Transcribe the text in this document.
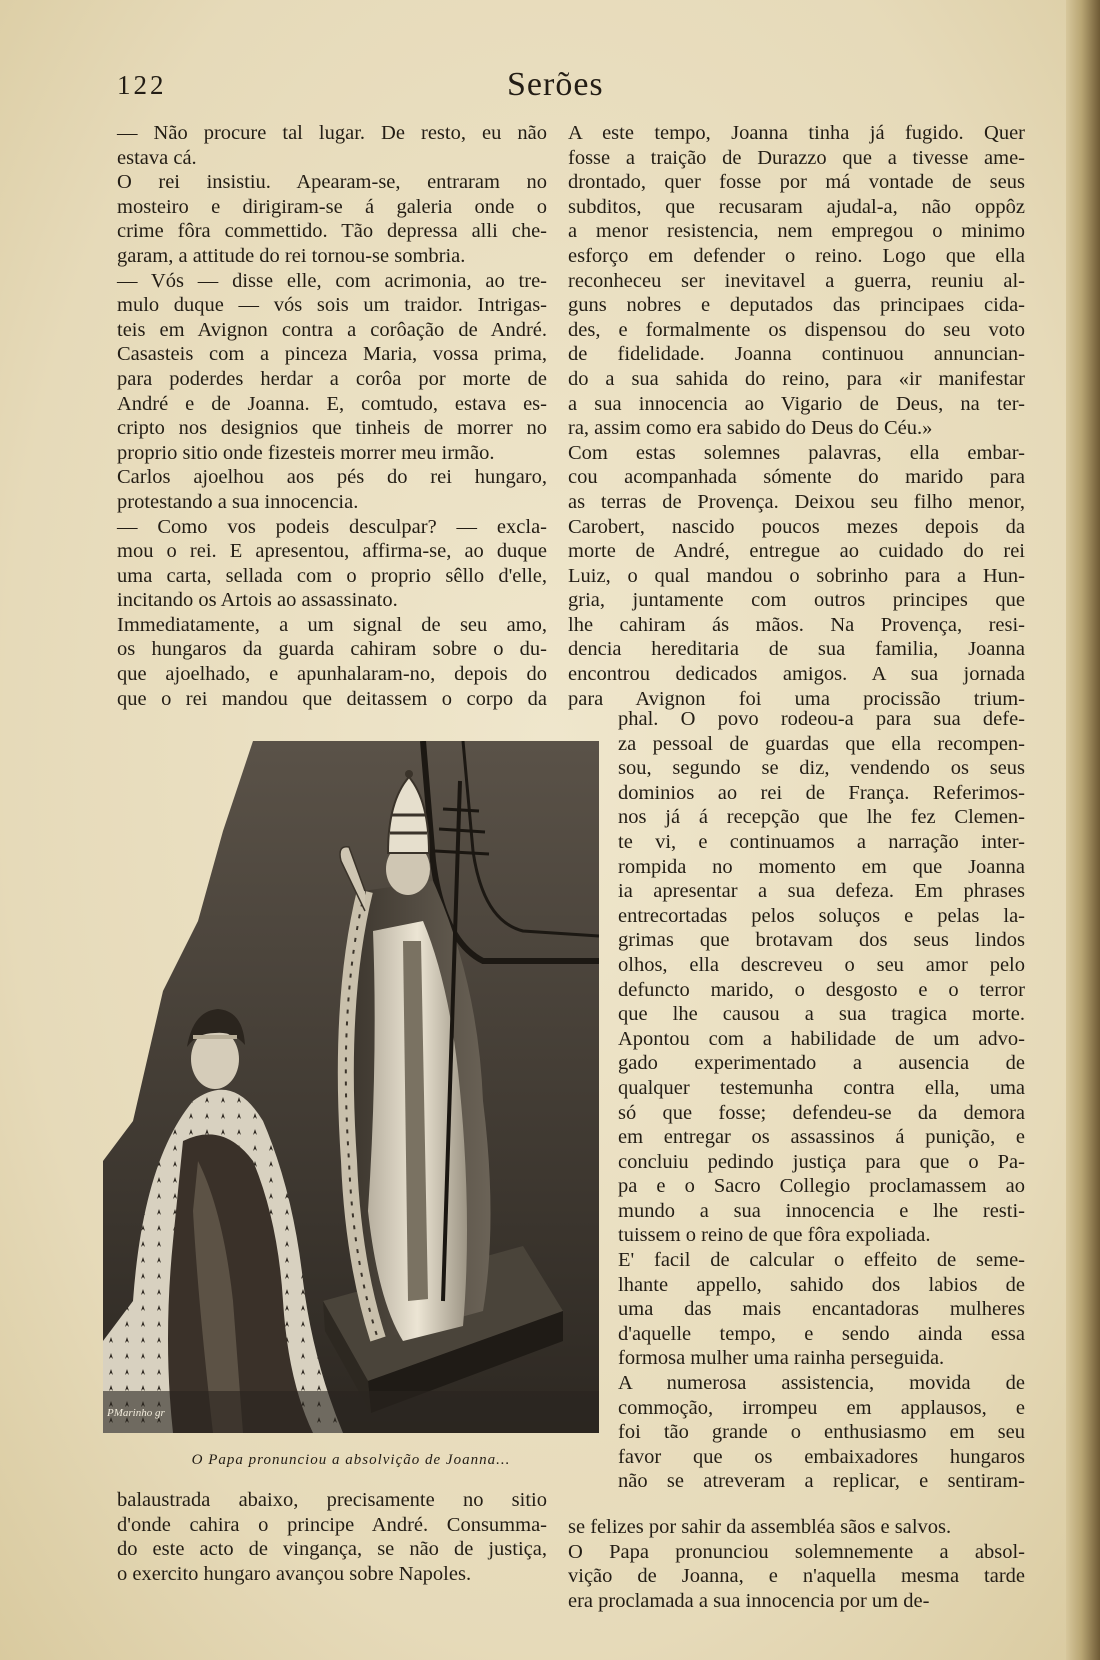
122	Serões
— Não procure tal lugar. De resto, eu não
estava cá.
O rei insistiu. Apearam-se, entraram no
mosteiro e dirigiram-se á galeria onde o
crime fôra commettido. Tão depressa alli che-
garam, a attitude do rei tornou-se sombria.
— Vós — disse elle, com acrimonia, ao tre-
mulo duque — vós sois um traidor. Intrigas-
teis em Avignon contra a corôação de André.
Casasteis com a pinceza Maria, vossa prima,
para poderdes herdar a corôa por morte de
André e de Joanna. E, comtudo, estava es-
cripto nos designios que tinheis de morrer no
proprio sitio onde fizesteis morrer meu irmão.
Carlos ajoelhou aos pés do rei hungaro,
protestando a sua innocencia.
— Como vos podeis desculpar? — excla-
mou o rei. E apresentou, affirma-se, ao duque
uma carta, sellada com o proprio sêllo d'elle,
incitando os Artois ao assassinato.
Immediatamente, a um signal de seu amo,
os hungaros da guarda cahiram sobre o du-
que ajoelhado, e apunhalaram-no, depois do
que o rei mandou que deitassem o corpo da
PMarinho gr
O Papa pronunciou a absolvição de Joanna...
balaustrada abaixo, precisamente no sitio
d'onde cahira o principe André. Consumma-
do este acto de vingança, se não de justiça,
o exercito hungaro avançou sobre Napoles.
A este tempo, Joanna tinha já fugido. Quer
fosse a traição de Durazzo que a tivesse ame-
drontado, quer fosse por má vontade de seus
subditos, que recusaram ajudal-a, não oppôz
a menor resistencia, nem empregou o minimo
esforço em defender o reino. Logo que ella
reconheceu ser inevitavel a guerra, reuniu al-
guns nobres e deputados das principaes cida-
des, e formalmente os dispensou do seu voto
de fidelidade. Joanna continuou annuncian-
do a sua sahida do reino, para «ir manifestar
a sua innocencia ao Vigario de Deus, na ter-
ra, assim como era sabido do Deus do Céu.»
Com estas solemnes palavras, ella embar-
cou acompanhada sómente do marido para
as terras de Provença. Deixou seu filho menor,
Carobert, nascido poucos mezes depois da
morte de André, entregue ao cuidado do rei
Luiz, o qual mandou o sobrinho para a Hun-
gria, juntamente com outros principes que
lhe cahiram ás mãos. Na Provença, resi-
dencia hereditaria de sua familia, Joanna
encontrou dedicados amigos. A sua jornada
para Avignon foi uma procissão trium-
phal. O povo rodeou-a para sua defe-
za pessoal de guardas que ella recompen-
sou, segundo se diz, vendendo os seus
dominios ao rei de França. Referimos-
nos já á recepção que lhe fez Clemen-
te vi, e continuamos a narração inter-
rompida no momento em que Joanna
ia apresentar a sua defeza. Em phrases
entrecortadas pelos soluços e pelas la-
grimas que brotavam dos seus lindos
olhos, ella descreveu o seu amor pelo
defuncto marido, o desgosto e o terror
que lhe causou a sua tragica morte.
Apontou com a habilidade de um advo-
gado experimentado a ausencia de
qualquer testemunha contra ella, uma
só que fosse; defendeu-se da demora
em entregar os assassinos á punição, e
concluiu pedindo justiça para que o Pa-
pa e o Sacro Collegio proclamassem ao
mundo a sua innocencia e lhe resti-
tuissem o reino de que fôra expoliada.
E' facil de calcular o effeito de seme-
lhante appello, sahido dos labios de
uma das mais encantadoras mulheres
d'aquelle tempo, e sendo ainda essa
formosa mulher uma rainha perseguida.
A numerosa assistencia, movida de
commoção, irrompeu em applausos, e
foi tão grande o enthusiasmo em seu
favor que os embaixadores hungaros
não se atreveram a replicar, e sentiram-
se felizes por sahir da assembléa sãos e salvos.
O Papa pronunciou solemnemente a absol-
vição de Joanna, e n'aquella mesma tarde
era proclamada a sua innocencia por um de-
